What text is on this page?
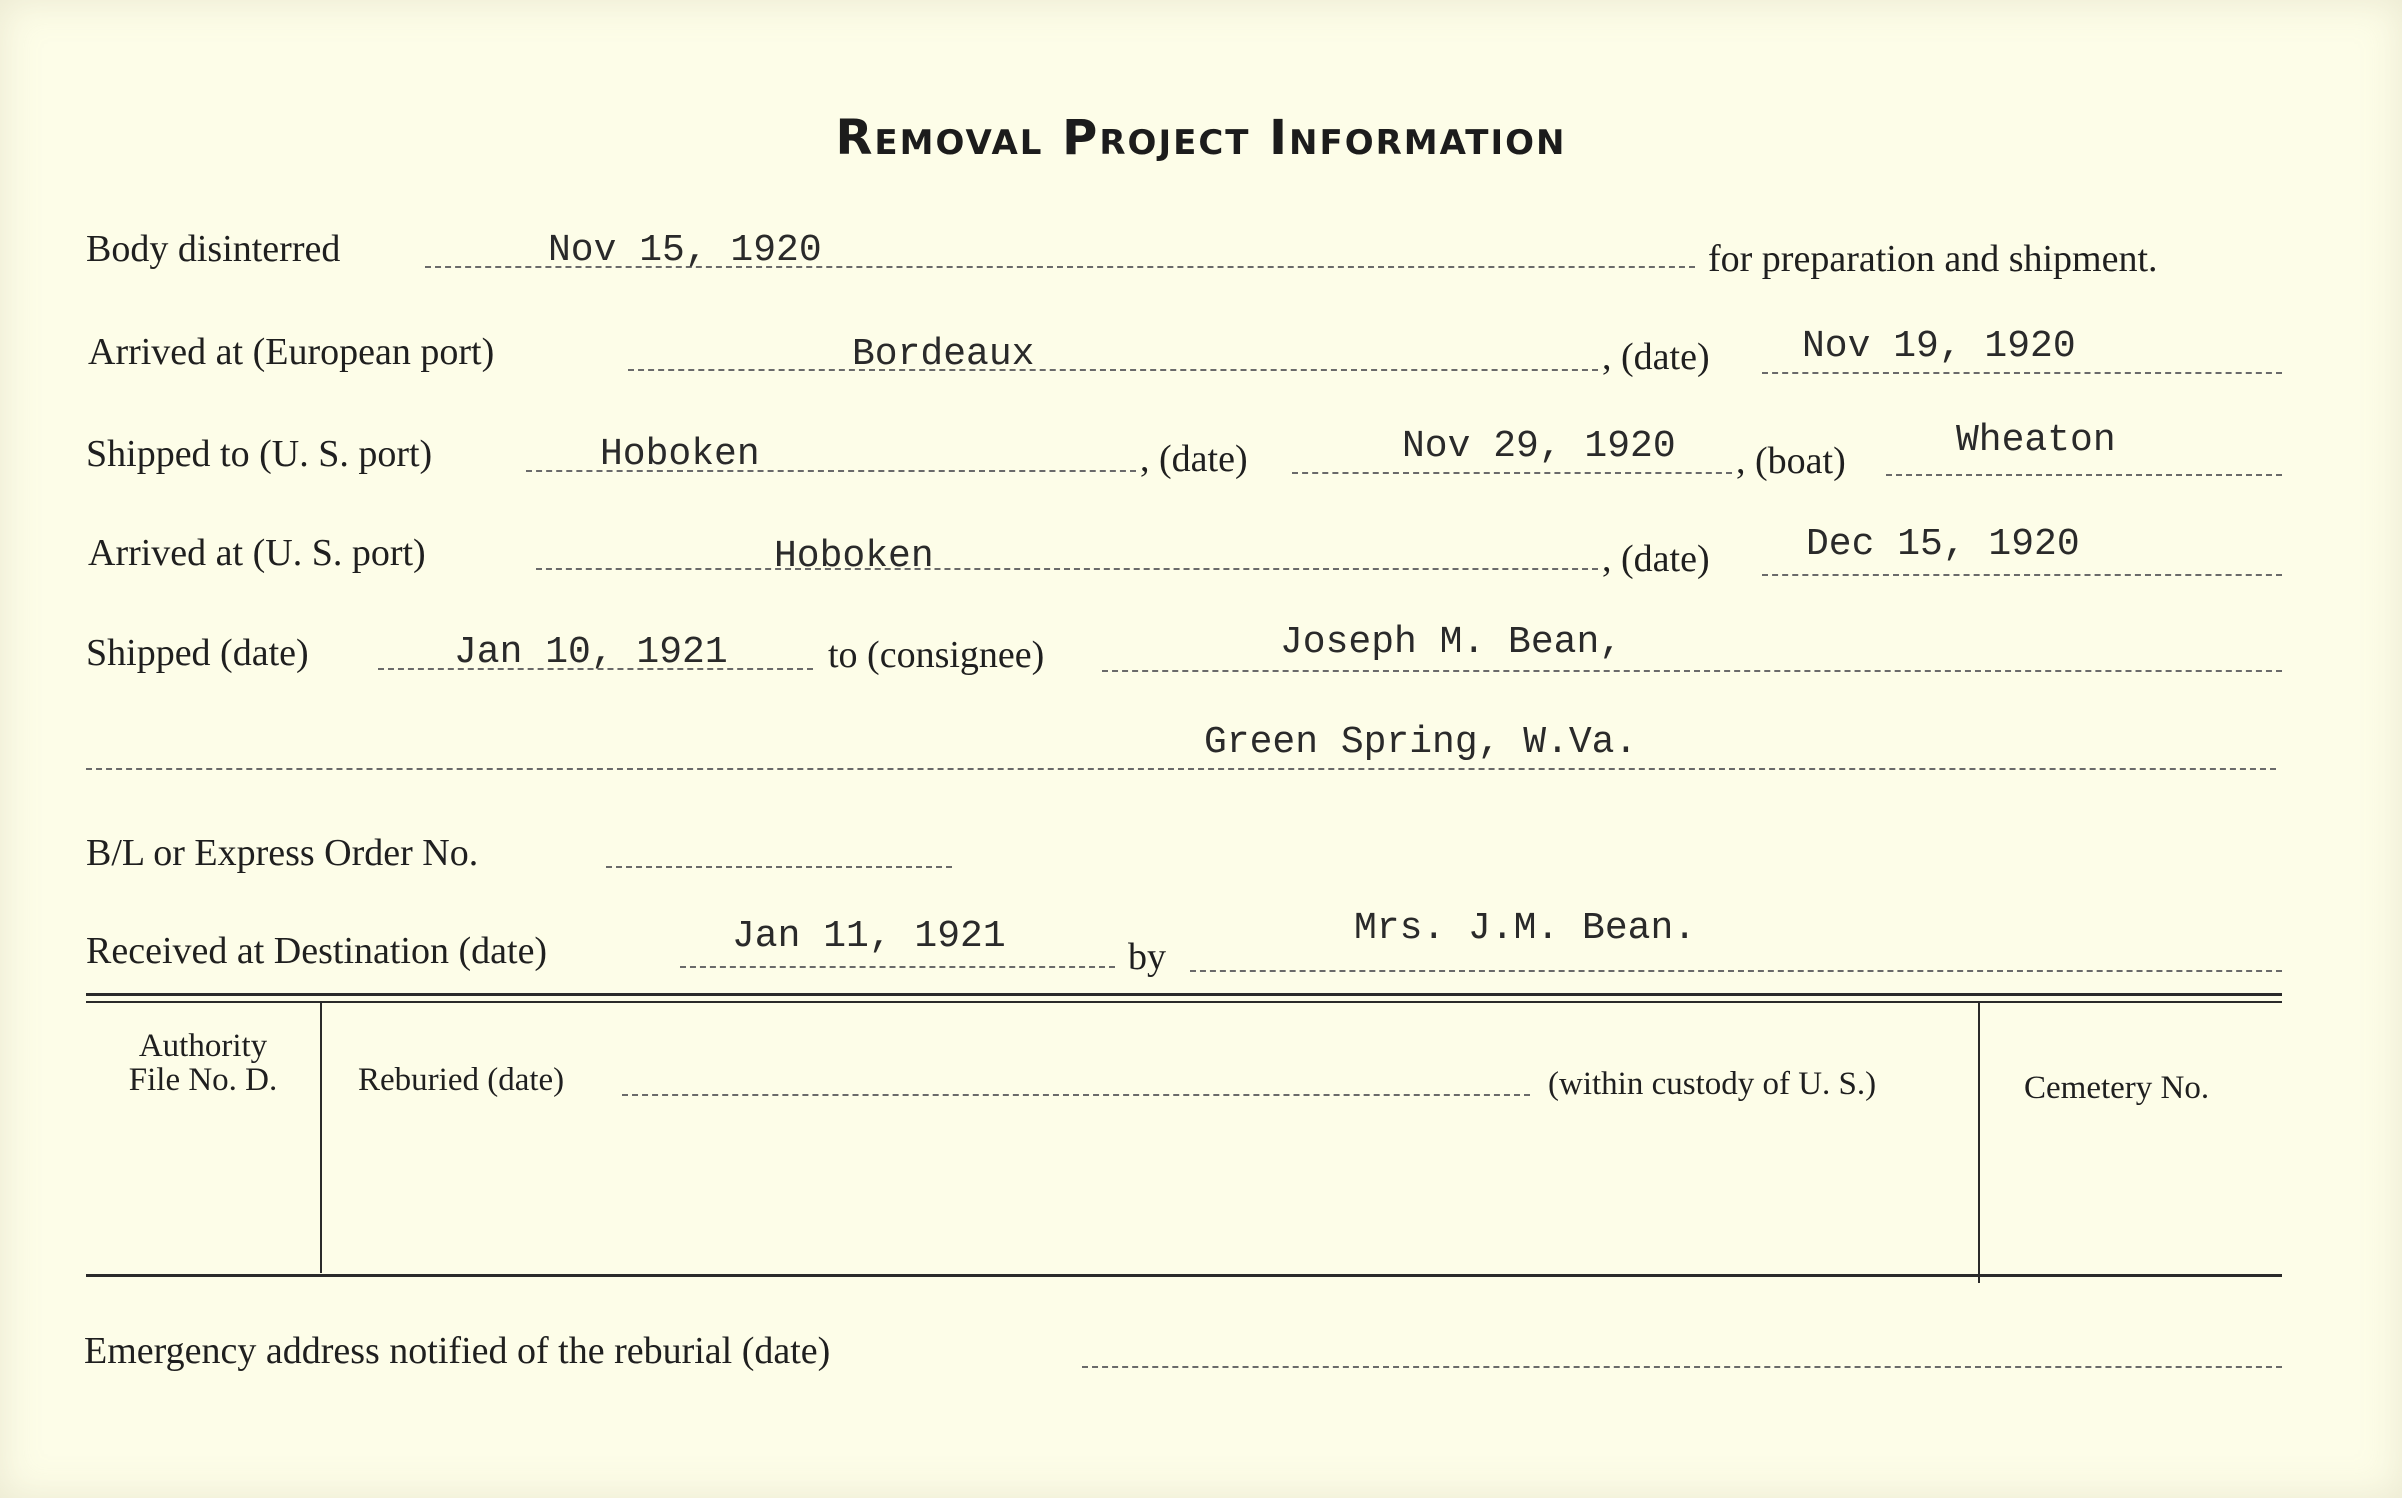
Removal Project Information
Body disinterred	Nov 15, 1920	for preparation and shipment.
Arrived at (European port)	Bordeaux	, (date) Nov 19, 1920
Shipped to (U. S. port)	Hoboken	, (date)	Nov 29, 1920 , (boat)	Wheaton
Arrived at (U. S. port)	Hoboken	, (date)	Dec 15, 1920
Shipped (date)	Jan 10, 1921	to (consignee)	Joseph M. Bean,
Green Spring, W.Va.
B/L or Express Order No.
Received at Destination (date)	Jan 11, 1921	by
Mrs. J.M. Bean.
Authority
File No. D.	Reburied (date)	(within custody of U. S.)	Cemetery No.
Emergency address notified of the reburial (date)
